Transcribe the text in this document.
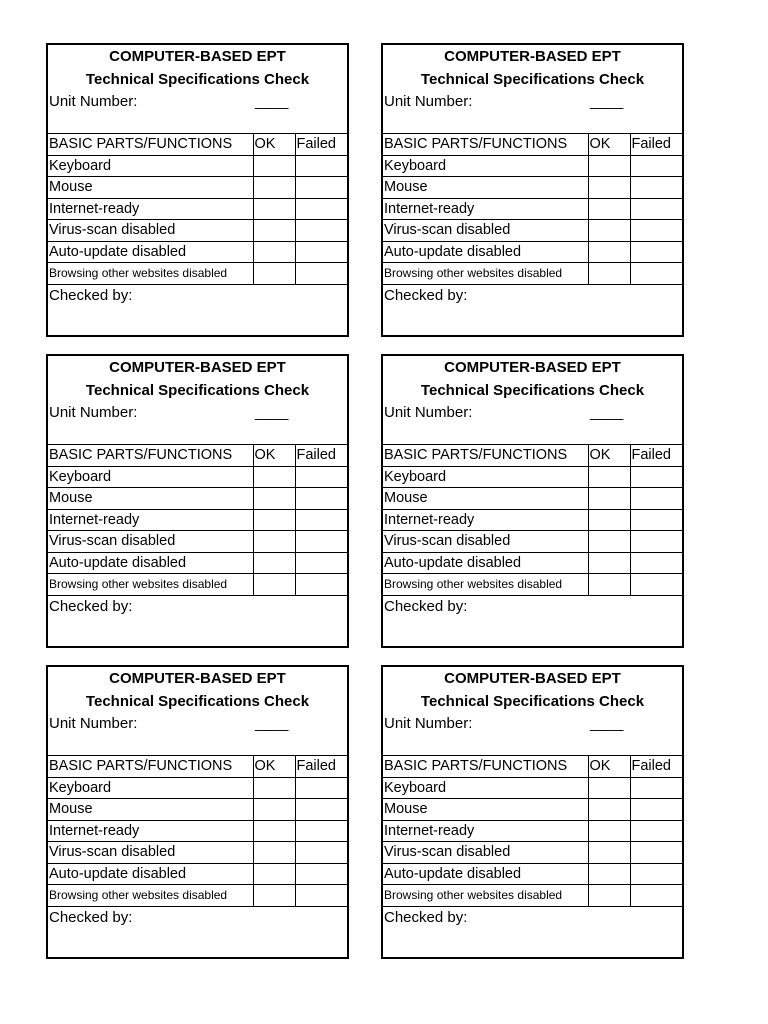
COMPUTER-BASED EPT
Technical Specifications Check
Unit Number:	____
BASIC PARTS/FUNCTIONS	OK	Failed
Keyboard		
Mouse		
Internet-ready		
Virus-scan disabled		
Auto-update disabled		
Browsing other websites disabled		
Checked by:
COMPUTER-BASED EPT
Technical Specifications Check
Unit Number:	____
BASIC PARTS/FUNCTIONS	OK	Failed
Keyboard		
Mouse		
Internet-ready		
Virus-scan disabled		
Auto-update disabled		
Browsing other websites disabled		
Checked by:
COMPUTER-BASED EPT
Technical Specifications Check
Unit Number:	____
BASIC PARTS/FUNCTIONS	OK	Failed
Keyboard		
Mouse		
Internet-ready		
Virus-scan disabled		
Auto-update disabled		
Browsing other websites disabled		
Checked by:
COMPUTER-BASED EPT
Technical Specifications Check
Unit Number:	____
BASIC PARTS/FUNCTIONS	OK	Failed
Keyboard		
Mouse		
Internet-ready		
Virus-scan disabled		
Auto-update disabled		
Browsing other websites disabled		
Checked by:
COMPUTER-BASED EPT
Technical Specifications Check
Unit Number:	____
BASIC PARTS/FUNCTIONS	OK	Failed
Keyboard		
Mouse		
Internet-ready		
Virus-scan disabled		
Auto-update disabled		
Browsing other websites disabled		
Checked by:
COMPUTER-BASED EPT
Technical Specifications Check
Unit Number:	____
BASIC PARTS/FUNCTIONS	OK	Failed
Keyboard		
Mouse		
Internet-ready		
Virus-scan disabled		
Auto-update disabled		
Browsing other websites disabled		
Checked by:
